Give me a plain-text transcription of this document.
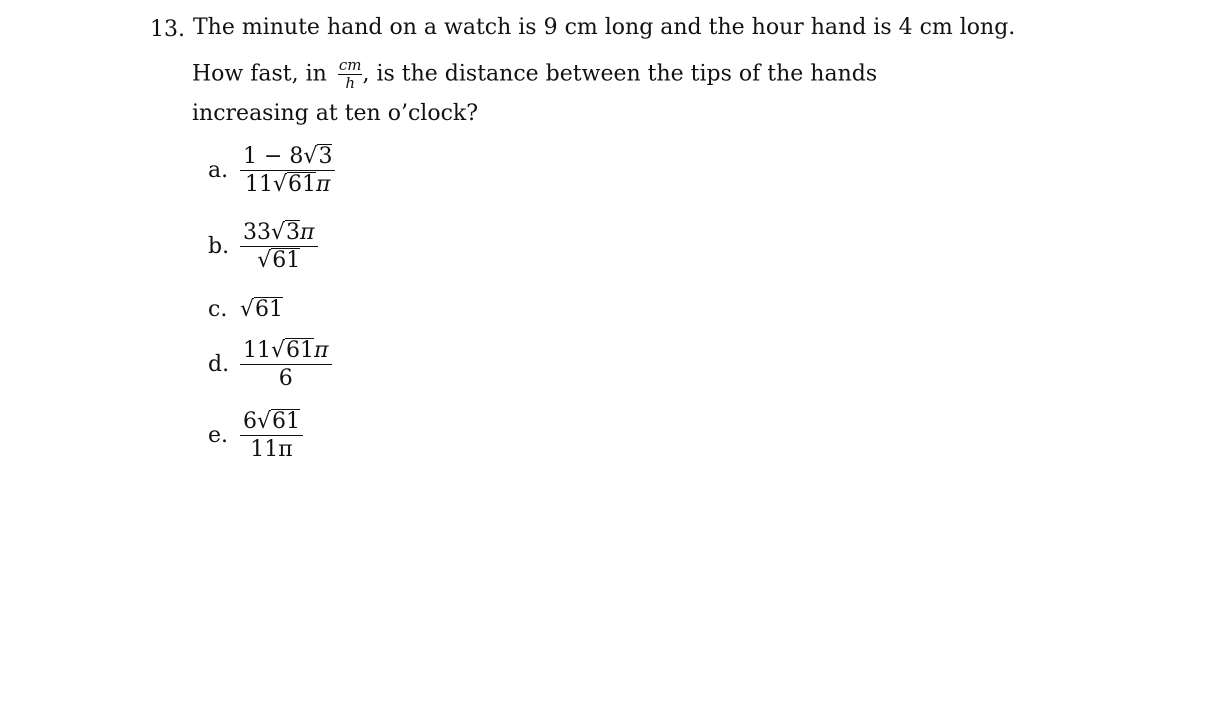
13. The minute hand on a watch is 9 cm long and the hour hand is 4 cm long.
How fast, in $\frac{cm}{h}$ , is the distance between the tips of the hands
increasing at ten o’clock?
a. $\frac{1 - 8√3}{11√61\pi}$
b. $\frac{33√3\pi}{√61}$
c. √61
d. $\frac{11√61\pi}{6}$
e. $\frac{6√61}{11\pi}$
